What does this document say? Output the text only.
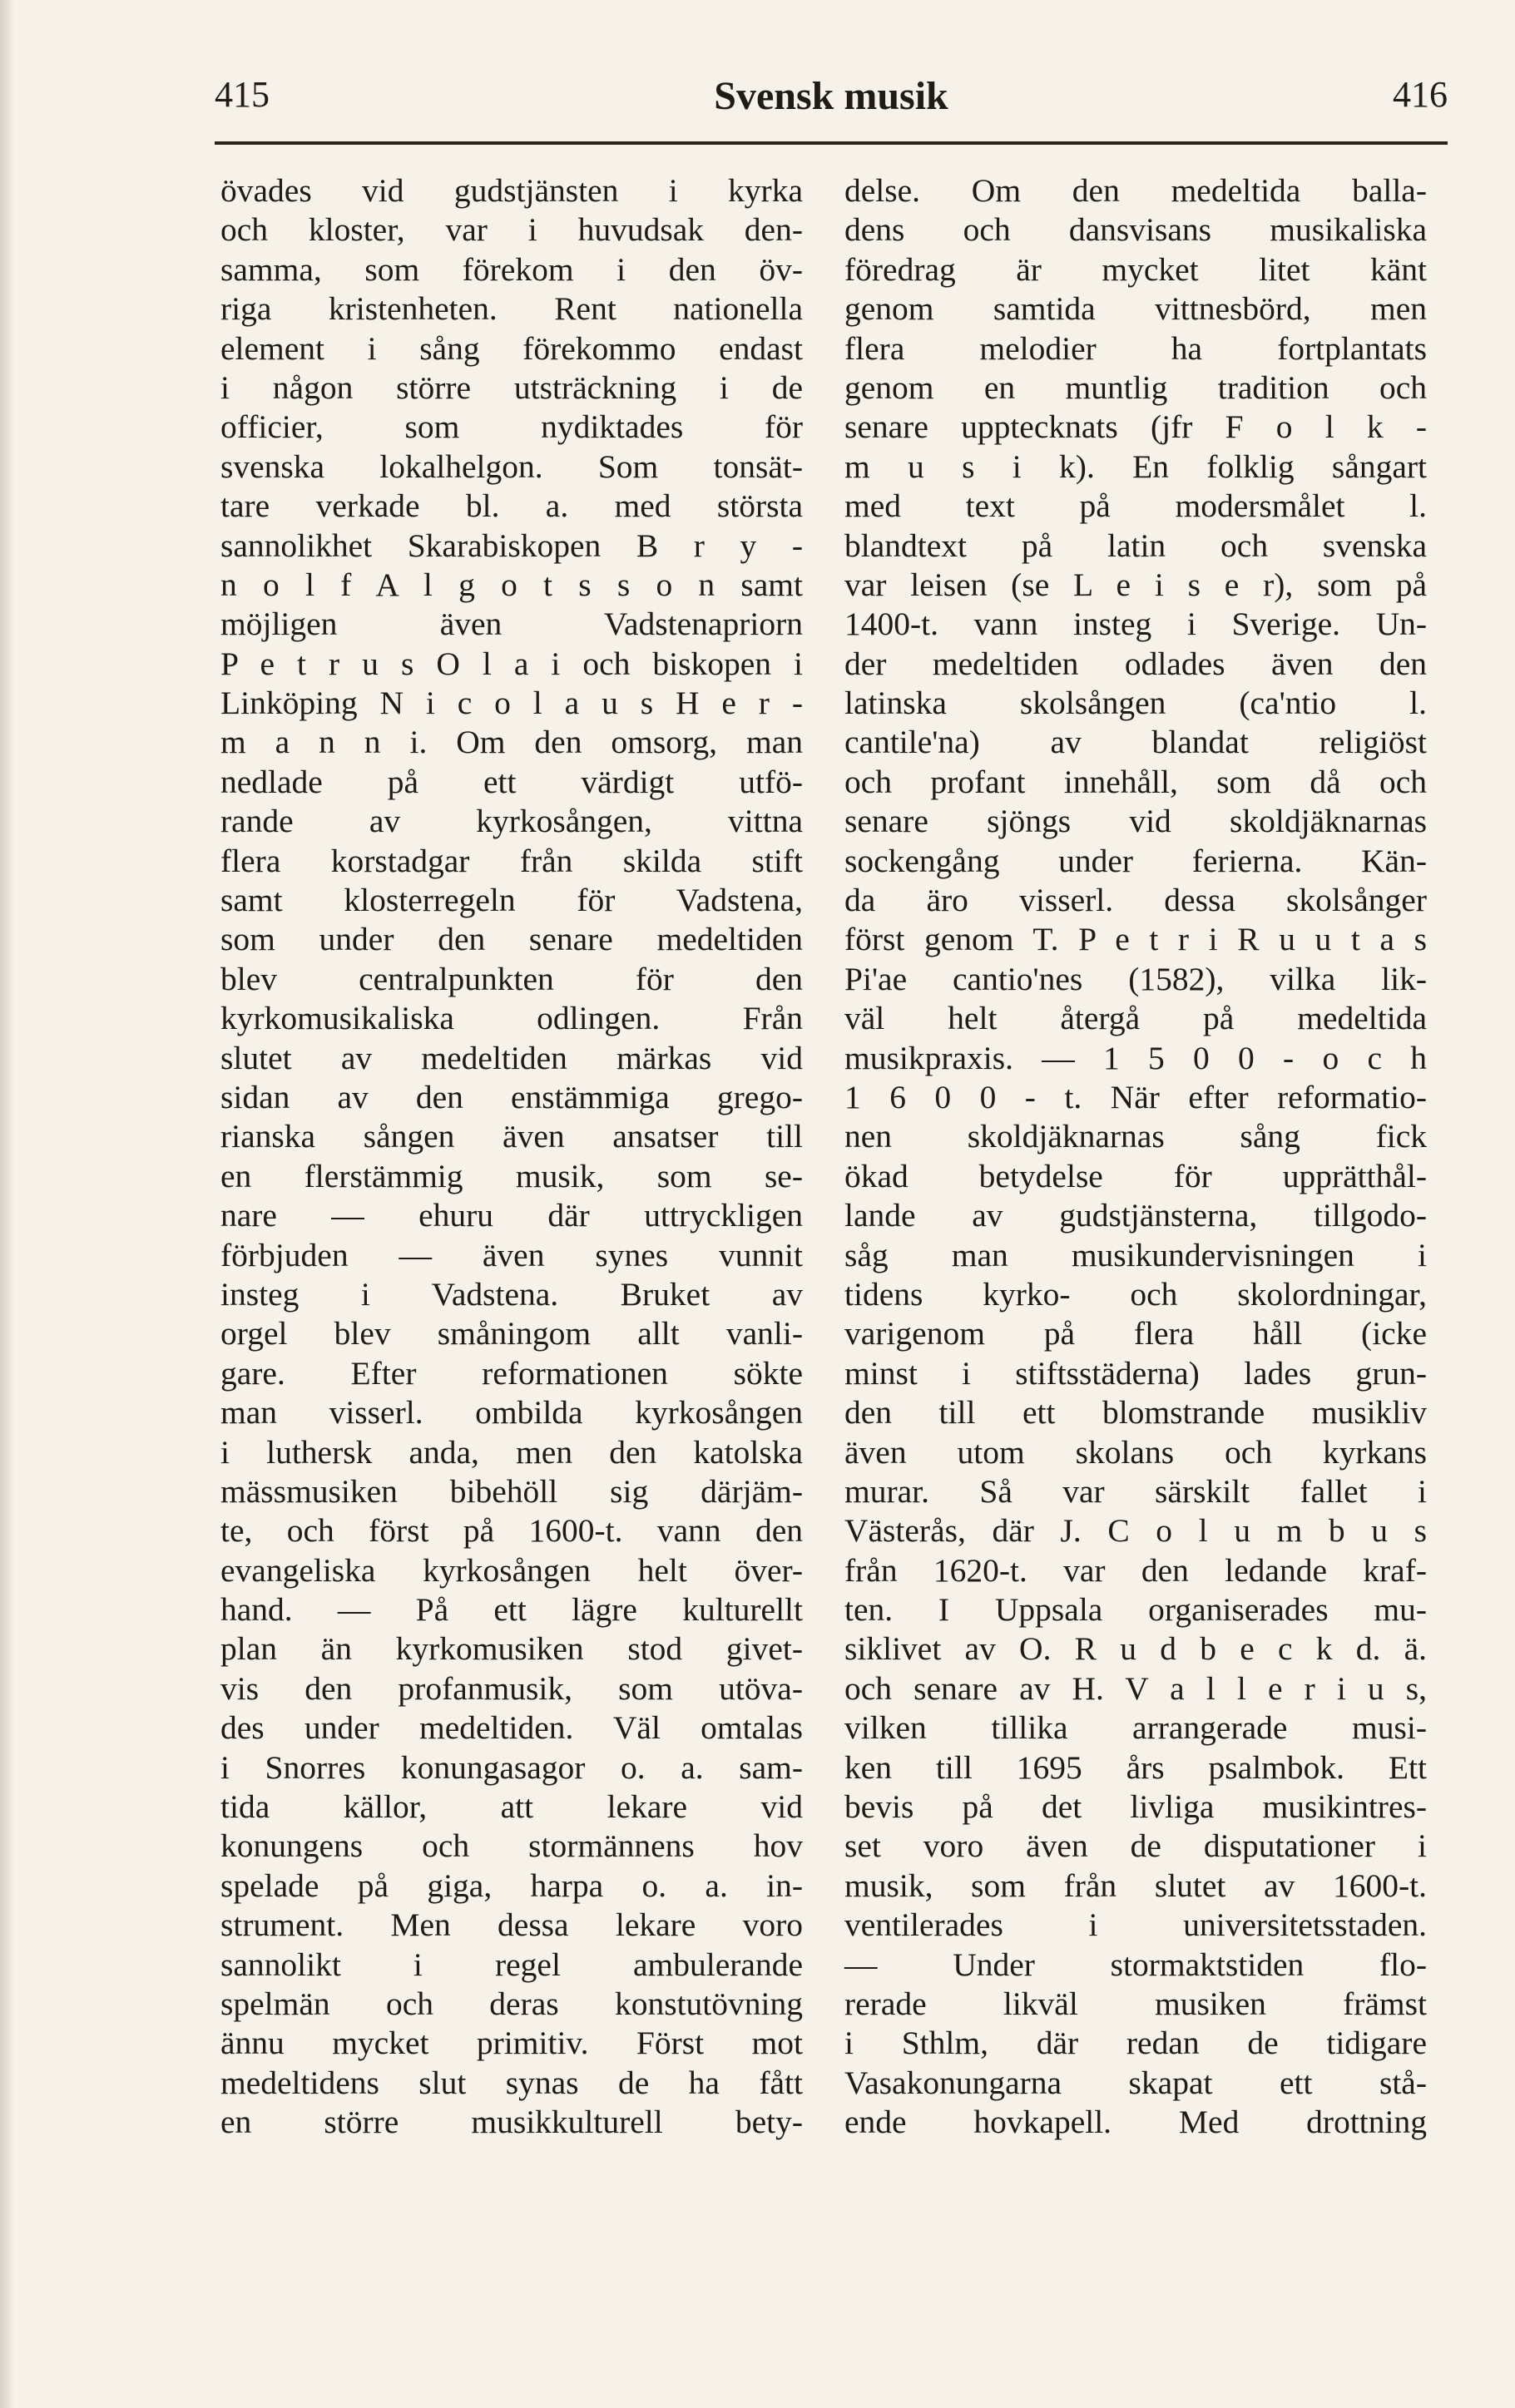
415	Svensk musik	416
övades vid gudstjänsten i kyrka
och kloster, var i huvudsak den-
samma, som förekom i den öv-
riga kristenheten. Rent nationella
element i sång förekommo endast
i någon större utsträckning i de
officier, som nydiktades för
svenska lokalhelgon. Som tonsät-
tare verkade bl. a. med största
sannolikhet Skarabiskopen B r y -
n o l f A l g o t s s o n samt
möjligen även Vadstenapriorn
P e t r u s O l a i och biskopen i
Linköping N i c o l a u s H e r -
m a n n i. Om den omsorg, man
nedlade på ett värdigt utfö-
rande av kyrkosången, vittna
flera korstadgar från skilda stift
samt klosterregeln för Vadstena,
som under den senare medeltiden
blev centralpunkten för den
kyrkomusikaliska odlingen. Från
slutet av medeltiden märkas vid
sidan av den enstämmiga grego-
rianska sången även ansatser till
en flerstämmig musik, som se-
nare — ehuru där uttryckligen
förbjuden — även synes vunnit
insteg i Vadstena. Bruket av
orgel blev småningom allt vanli-
gare. Efter reformationen sökte
man visserl. ombilda kyrkosången
i luthersk anda, men den katolska
mässmusiken bibehöll sig därjäm-
te, och först på 1600-t. vann den
evangeliska kyrkosången helt över-
hand. — På ett lägre kulturellt
plan än kyrkomusiken stod givet-
vis den profanmusik, som utöva-
des under medeltiden. Väl omtalas
i Snorres konungasagor o. a. sam-
tida källor, att lekare vid
konungens och stormännens hov
spelade på giga, harpa o. a. in-
strument. Men dessa lekare voro
sannolikt i regel ambulerande
spelmän och deras konstutövning
ännu mycket primitiv. Först mot
medeltidens slut synas de ha fått
en större musikkulturell bety-
delse. Om den medeltida balla-
dens och dansvisans musikaliska
föredrag är mycket litet känt
genom samtida vittnesbörd, men
flera melodier ha fortplantats
genom en muntlig tradition och
senare upptecknats (jfr F o l k -
m u s i k). En folklig sångart
med text på modersmålet l.
blandtext på latin och svenska
var leisen (se L e i s e r), som på
1400-t. vann insteg i Sverige. Un-
der medeltiden odlades även den
latinska skolsången (ca'ntio l.
cantile'na) av blandat religiöst
och profant innehåll, som då och
senare sjöngs vid skoldjäknarnas
sockengång under ferierna. Kän-
da äro visserl. dessa skolsånger
först genom T. P e t r i R u u t a s
Pi'ae cantio'nes (1582), vilka lik-
väl helt återgå på medeltida
musikpraxis. — 1 5 0 0 - o c h
1 6 0 0 - t. När efter reformatio-
nen skoldjäknarnas sång fick
ökad betydelse för upprätthål-
lande av gudstjänsterna, tillgodo-
såg man musikundervisningen i
tidens kyrko- och skolordningar,
varigenom på flera håll (icke
minst i stiftsstäderna) lades grun-
den till ett blomstrande musikliv
även utom skolans och kyrkans
murar. Så var särskilt fallet i
Västerås, där J. C o l u m b u s
från 1620-t. var den ledande kraf-
ten. I Uppsala organiserades mu-
siklivet av O. R u d b e c k d. ä.
och senare av H. V a l l e r i u s,
vilken tillika arrangerade musi-
ken till 1695 års psalmbok. Ett
bevis på det livliga musikintres-
set voro även de disputationer i
musik, som från slutet av 1600-t.
ventilerades i universitetsstaden.
— Under stormaktstiden flo-
rerade likväl musiken främst
i Sthlm, där redan de tidigare
Vasakonungarna skapat ett stå-
ende hovkapell. Med drottning
